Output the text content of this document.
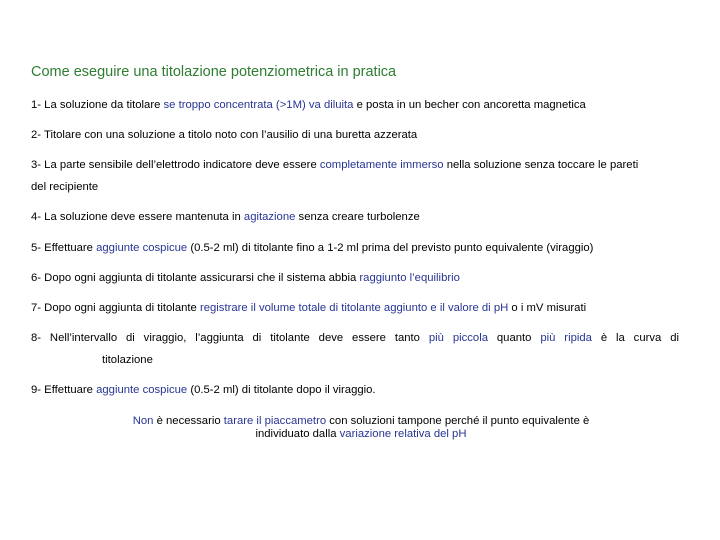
Come eseguire una titolazione potenziometrica in pratica
1- La soluzione da titolare se troppo concentrata (>1M) va diluita e posta in un becher con ancoretta magnetica
2- Titolare con una soluzione a titolo noto con l’ausilio di una buretta azzerata
3- La parte sensibile dell’elettrodo indicatore deve essere completamente immerso nella soluzione senza toccare le pareti
del recipiente
4- La soluzione deve essere mantenuta in agitazione senza creare turbolenze
5- Effettuare aggiunte cospicue (0.5-2 ml) di titolante fino a 1-2 ml prima del previsto punto equivalente (viraggio)
6- Dopo ogni aggiunta di titolante assicurarsi che il sistema abbia raggiunto l’equilibrio
7- Dopo ogni aggiunta di titolante registrare il volume totale di titolante aggiunto e il valore di pH o i mV misurati
8- Nell’intervallo di viraggio, l’aggiunta di titolante deve essere tanto più piccola quanto più ripida è la curva di
titolazione
9- Effettuare aggiunte cospicue (0.5-2 ml) di titolante dopo il viraggio.
Non è necessario tarare il piaccametro con soluzioni tampone perché il punto equivalente è individuato dalla variazione relativa del pH
